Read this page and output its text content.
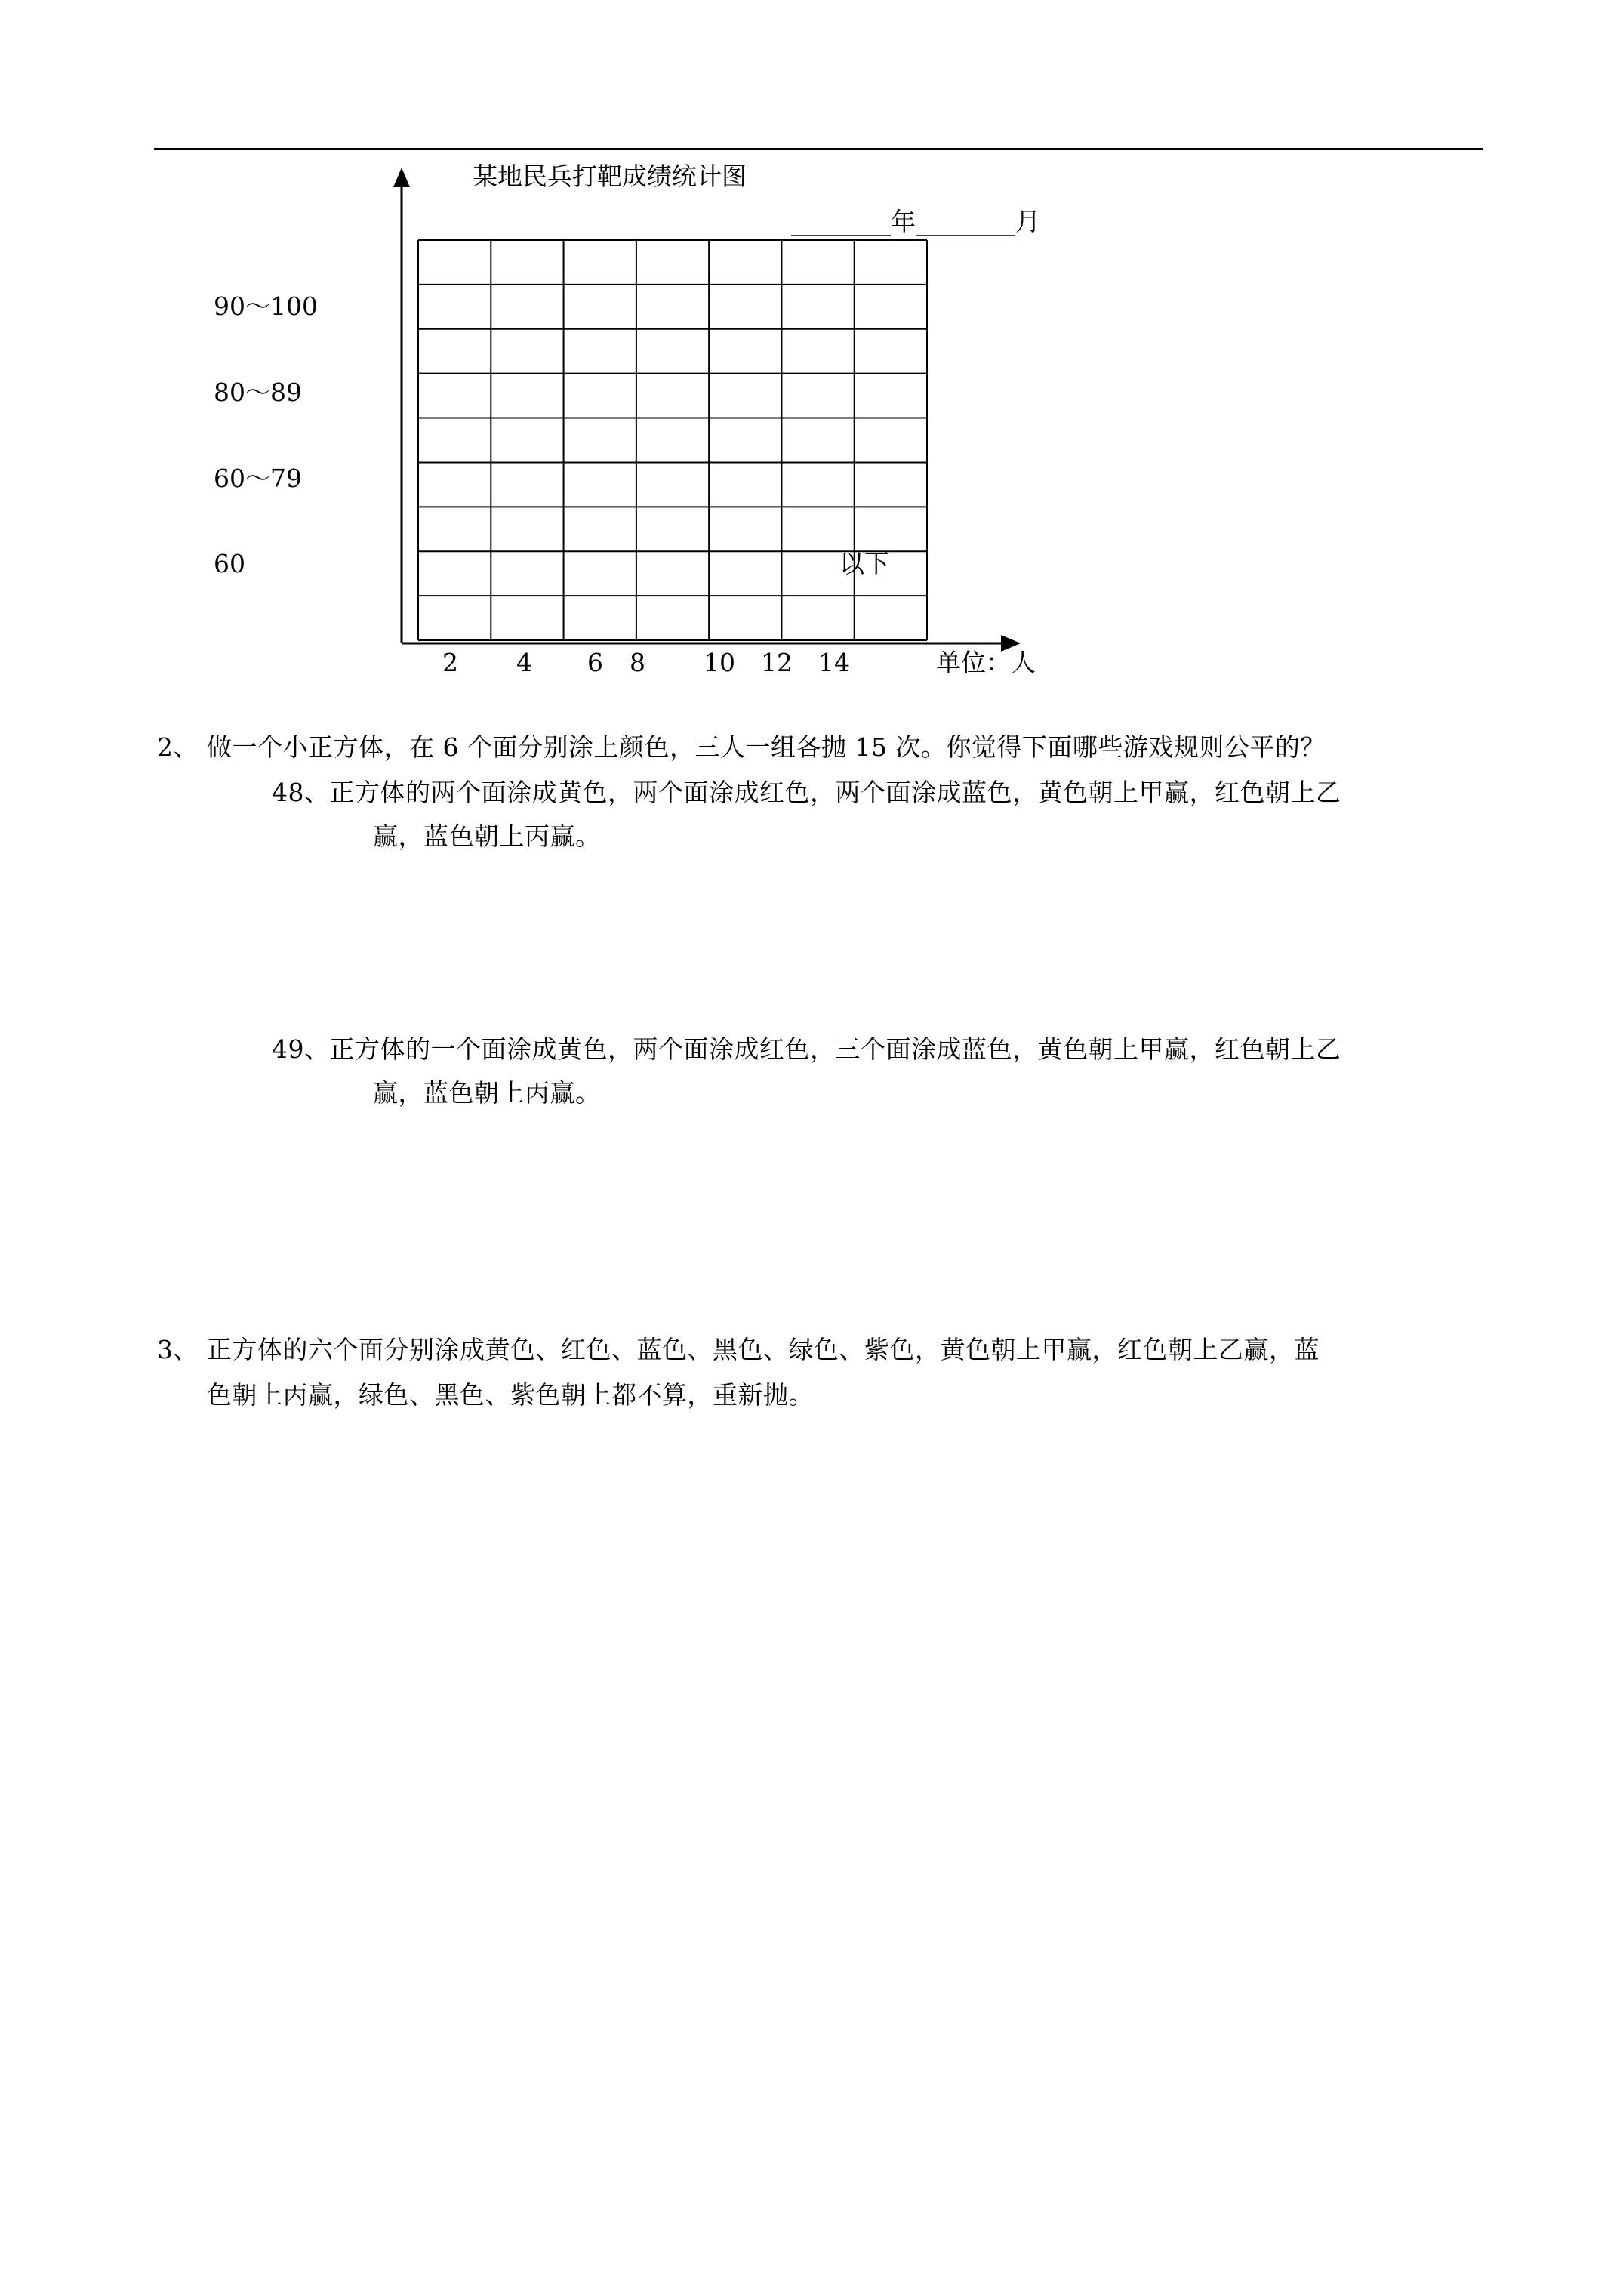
某地民兵打靶成绩统计图
________年________月
90～100
80～89
60～79
60	以下
2 4 6 8 10 12 14	单位：人
2、 做一个小正方体，在 6 个面分别涂上颜色，三人一组各抛 15 次。你觉得下面哪些游戏规则公平的？
48、正方体的两个面涂成黄色，两个面涂成红色，两个面涂成蓝色，黄色朝上甲赢，红色朝上乙
赢，蓝色朝上丙赢。
49、正方体的一个面涂成黄色，两个面涂成红色，三个面涂成蓝色，黄色朝上甲赢，红色朝上乙
赢，蓝色朝上丙赢。
3、 正方体的六个面分别涂成黄色、红色、蓝色、黑色、绿色、紫色，黄色朝上甲赢，红色朝上乙赢，蓝
色朝上丙赢，绿色、黑色、紫色朝上都不算，重新抛。
